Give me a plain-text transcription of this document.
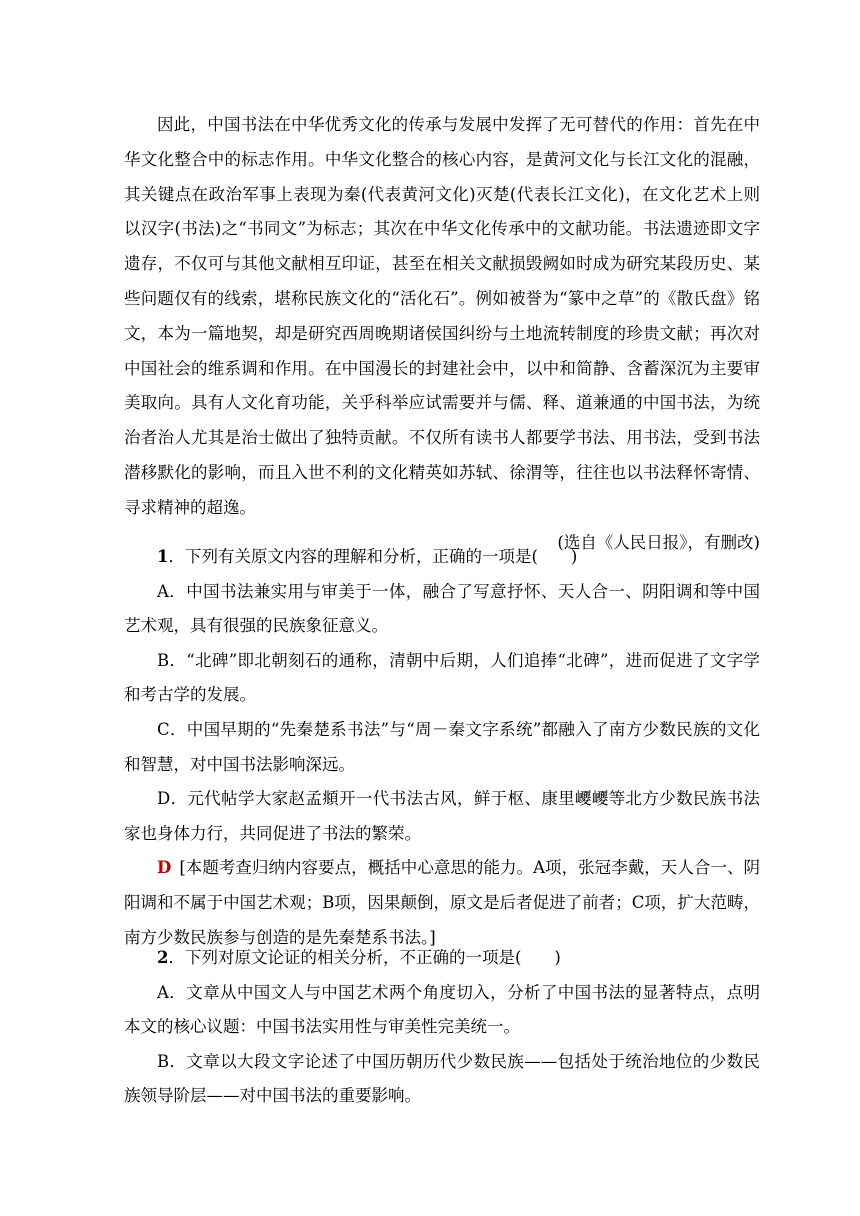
因此，中国书法在中华优秀文化的传承与发展中发挥了无可替代的作用：首先在中华文化整合中的标志作用。中华文化整合的核心内容，是黄河文化与长江文化的混融，其关键点在政治军事上表现为秦(代表黄河文化)灭楚(代表长江文化)，在文化艺术上则以汉字(书法)之“书同文”为标志；其次在中华文化传承中的文献功能。书法遗迹即文字遗存，不仅可与其他文献相互印证，甚至在相关文献损毁阙如时成为研究某段历史、某些问题仅有的线索，堪称民族文化的“活化石”。例如被誉为“篆中之草”的《散氏盘》铭文，本为一篇地契，却是研究西周晚期诸侯国纠纷与土地流转制度的珍贵文献；再次对中国社会的维系调和作用。在中国漫长的封建社会中，以中和简静、含蓄深沉为主要审美取向。具有人文化育功能，关乎科举应试需要并与儒、释、道兼通的中国书法，为统治者治人尤其是治士做出了独特贡献。不仅所有读书人都要学书法、用书法，受到书法潜移默化的影响，而且入世不利的文化精英如苏轼、徐渭等，往往也以书法释怀寄情、寻求精神的超逸。

(选自《人民日报》，有删改)

1．下列有关原文内容的理解和分析，正确的一项是(　　)

A．中国书法兼实用与审美于一体，融合了写意抒怀、天人合一、阴阳调和等中国艺术观，具有很强的民族象征意义。

B．“北碑”即北朝刻石的通称，清朝中后期，人们追捧“北碑”，进而促进了文字学和考古学的发展。

C．中国早期的“先秦楚系书法”与“周－秦文字系统”都融入了南方少数民族的文化和智慧，对中国书法影响深远。

D．元代帖学大家赵孟頫开一代书法古风，鲜于枢、康里巎巎等北方少数民族书法家也身体力行，共同促进了书法的繁荣。

D [本题考查归纳内容要点，概括中心意思的能力。A项，张冠李戴，天人合一、阴阳调和不属于中国艺术观；B项，因果颠倒，原文是后者促进了前者；C项，扩大范畴，南方少数民族参与创造的是先秦楚系书法。]

2．下列对原文论证的相关分析，不正确的一项是(　　)

A．文章从中国文人与中国艺术两个角度切入，分析了中国书法的显著特点，点明本文的核心议题：中国书法实用性与审美性完美统一。

B．文章以大段文字论述了中国历朝历代少数民族——包括处于统治地位的少数民族领导阶层——对中国书法的重要影响。
